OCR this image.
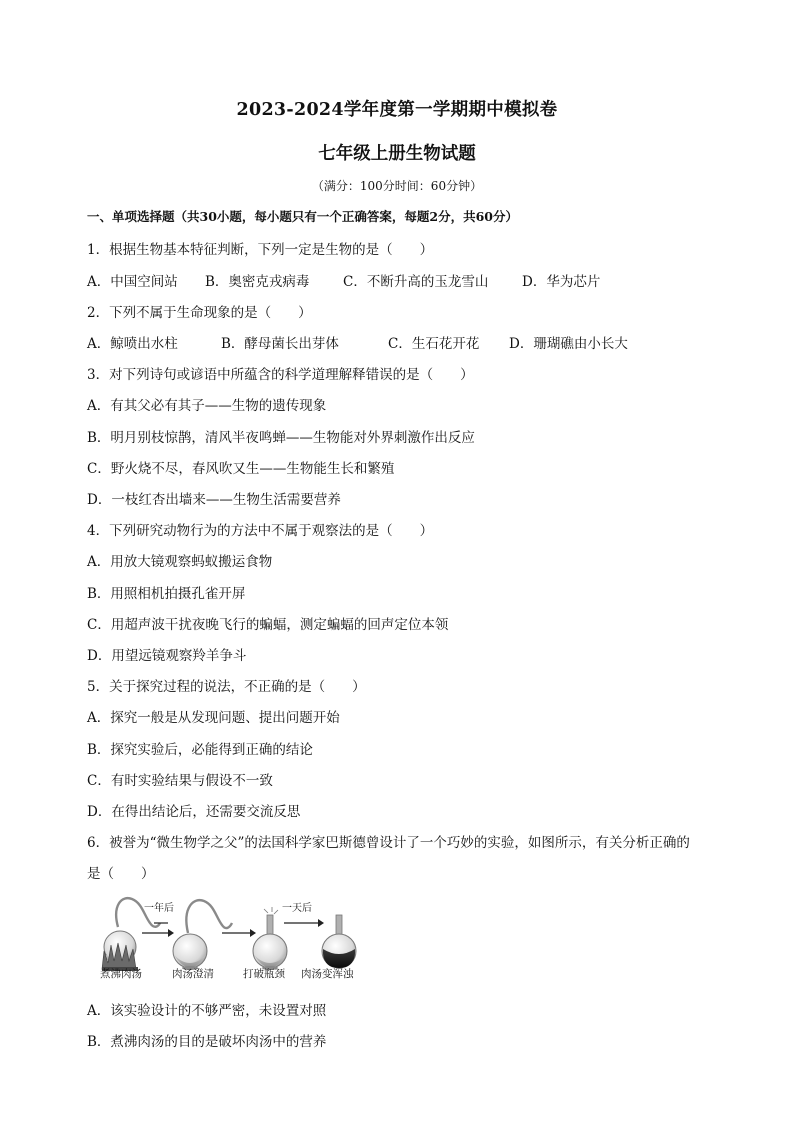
2023-2024学年度第一学期期中模拟卷
七年级上册生物试题
（满分：100分时间：60分钟）
一、单项选择题（共30小题，每小题只有一个正确答案，每题2分，共60分）
1．根据生物基本特征判断，下列一定是生物的是（　　）
A．中国空间站 B．奥密克戎病毒 C．不断升高的玉龙雪山 D．华为芯片
2．下列不属于生命现象的是（　　）
A．鲸喷出水柱	B．酵母菌长出芽体	C．生石花开花 D．珊瑚礁由小长大
3．对下列诗句或谚语中所蕴含的科学道理解释错误的是（　　）
A．有其父必有其子——生物的遗传现象
B．明月别枝惊鹊，清风半夜鸣蝉——生物能对外界刺激作出反应
C．野火烧不尽，春风吹又生——生物能生长和繁殖
D．一枝红杏出墙来——生物生活需要营养
4．下列研究动物行为的方法中不属于观察法的是（　　）
A．用放大镜观察蚂蚁搬运食物
B．用照相机拍摄孔雀开屏
C．用超声波干扰夜晚飞行的蝙蝠，测定蝙蝠的回声定位本领
D．用望远镜观察羚羊争斗
5．关于探究过程的说法，不正确的是（　　）
A．探究一般是从发现问题、提出问题开始
B．探究实验后，必能得到正确的结论
C．有时实验结果与假设不一致
D．在得出结论后，还需要交流反思
6．被誉为“微生物学之父”的法国科学家巴斯德曾设计了一个巧妙的实验，如图所示，有关分析正确的
是（　　）
一年后	一天后
煮沸肉汤	肉汤澄清	打破瓶颈 肉汤变浑浊
A．该实验设计的不够严密，未设置对照
B．煮沸肉汤的目的是破坏肉汤中的营养
